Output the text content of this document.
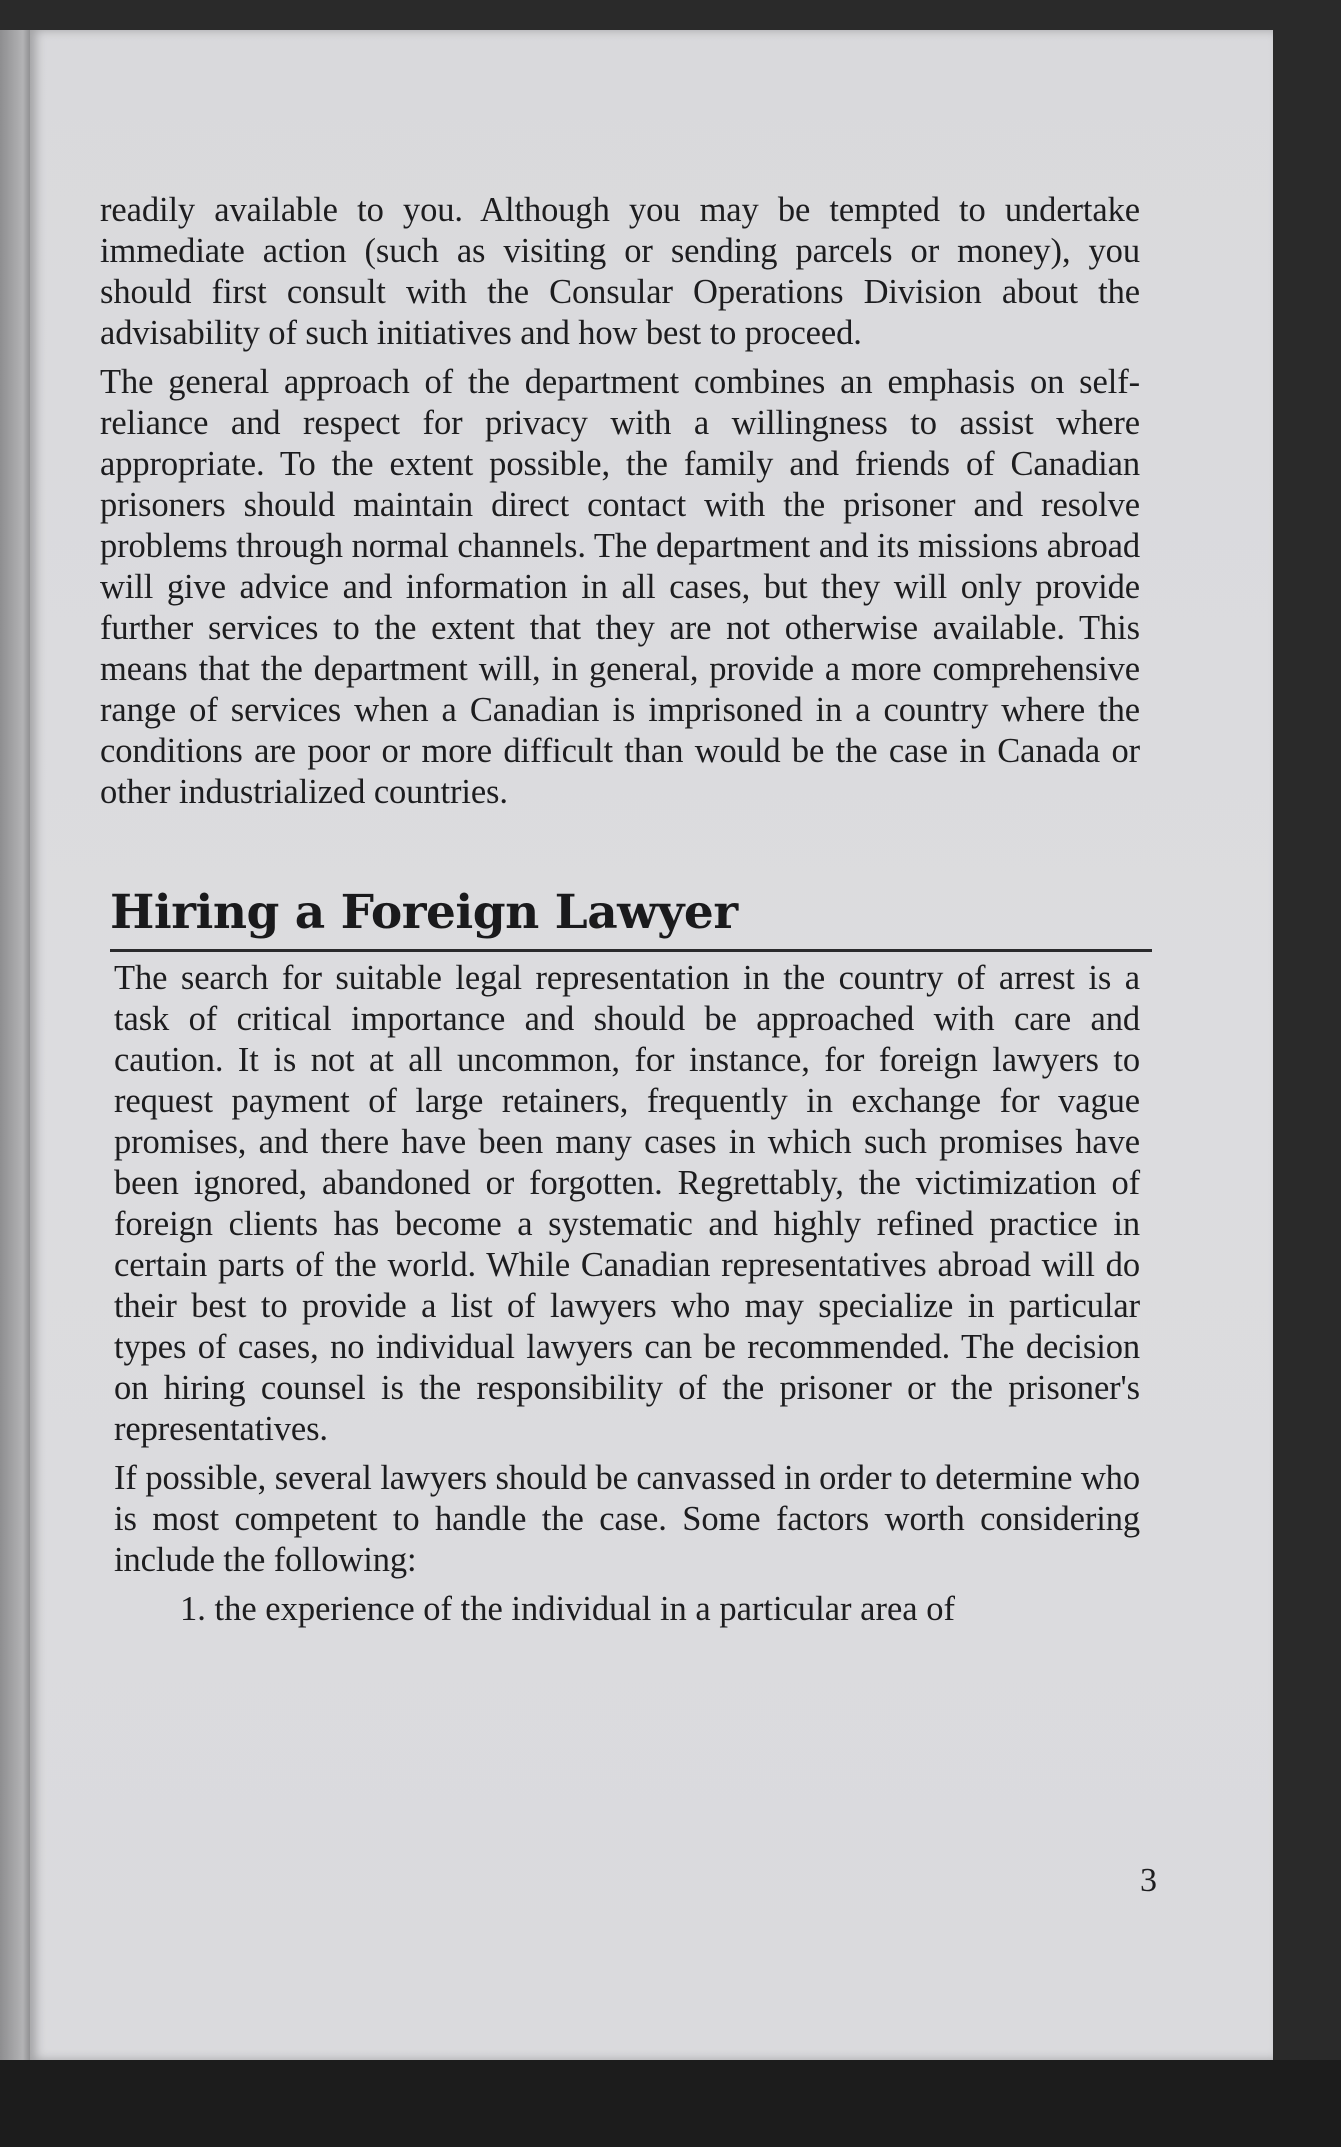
readily available to you. Although you may be tempted to undertake immediate action (such as visiting or sending parcels or money), you should first consult with the Consular Operations Division about the advisability of such initiatives and how best to proceed.

The general approach of the department combines an emphasis on self-reliance and respect for privacy with a willingness to assist where appropriate. To the extent possible, the family and friends of Canadian prisoners should maintain direct contact with the prisoner and resolve problems through normal channels. The department and its missions abroad will give advice and information in all cases, but they will only provide further services to the extent that they are not otherwise available. This means that the department will, in general, provide a more comprehensive range of services when a Canadian is imprisoned in a country where the conditions are poor or more difficult than would be the case in Canada or other industrialized countries.

Hiring a Foreign Lawyer

The search for suitable legal representation in the country of arrest is a task of critical importance and should be approached with care and caution. It is not at all uncommon, for instance, for foreign lawyers to request payment of large retainers, frequently in exchange for vague promises, and there have been many cases in which such promises have been ignored, abandoned or forgotten. Regrettably, the victimization of foreign clients has become a systematic and highly refined practice in certain parts of the world. While Canadian representatives abroad will do their best to provide a list of lawyers who may specialize in particular types of cases, no individual lawyers can be recommended. The decision on hiring counsel is the responsibility of the prisoner or the prisoner's representatives.

If possible, several lawyers should be canvassed in order to determine who is most competent to handle the case. Some factors worth considering include the following:

1. the experience of the individual in a particular area of
3
